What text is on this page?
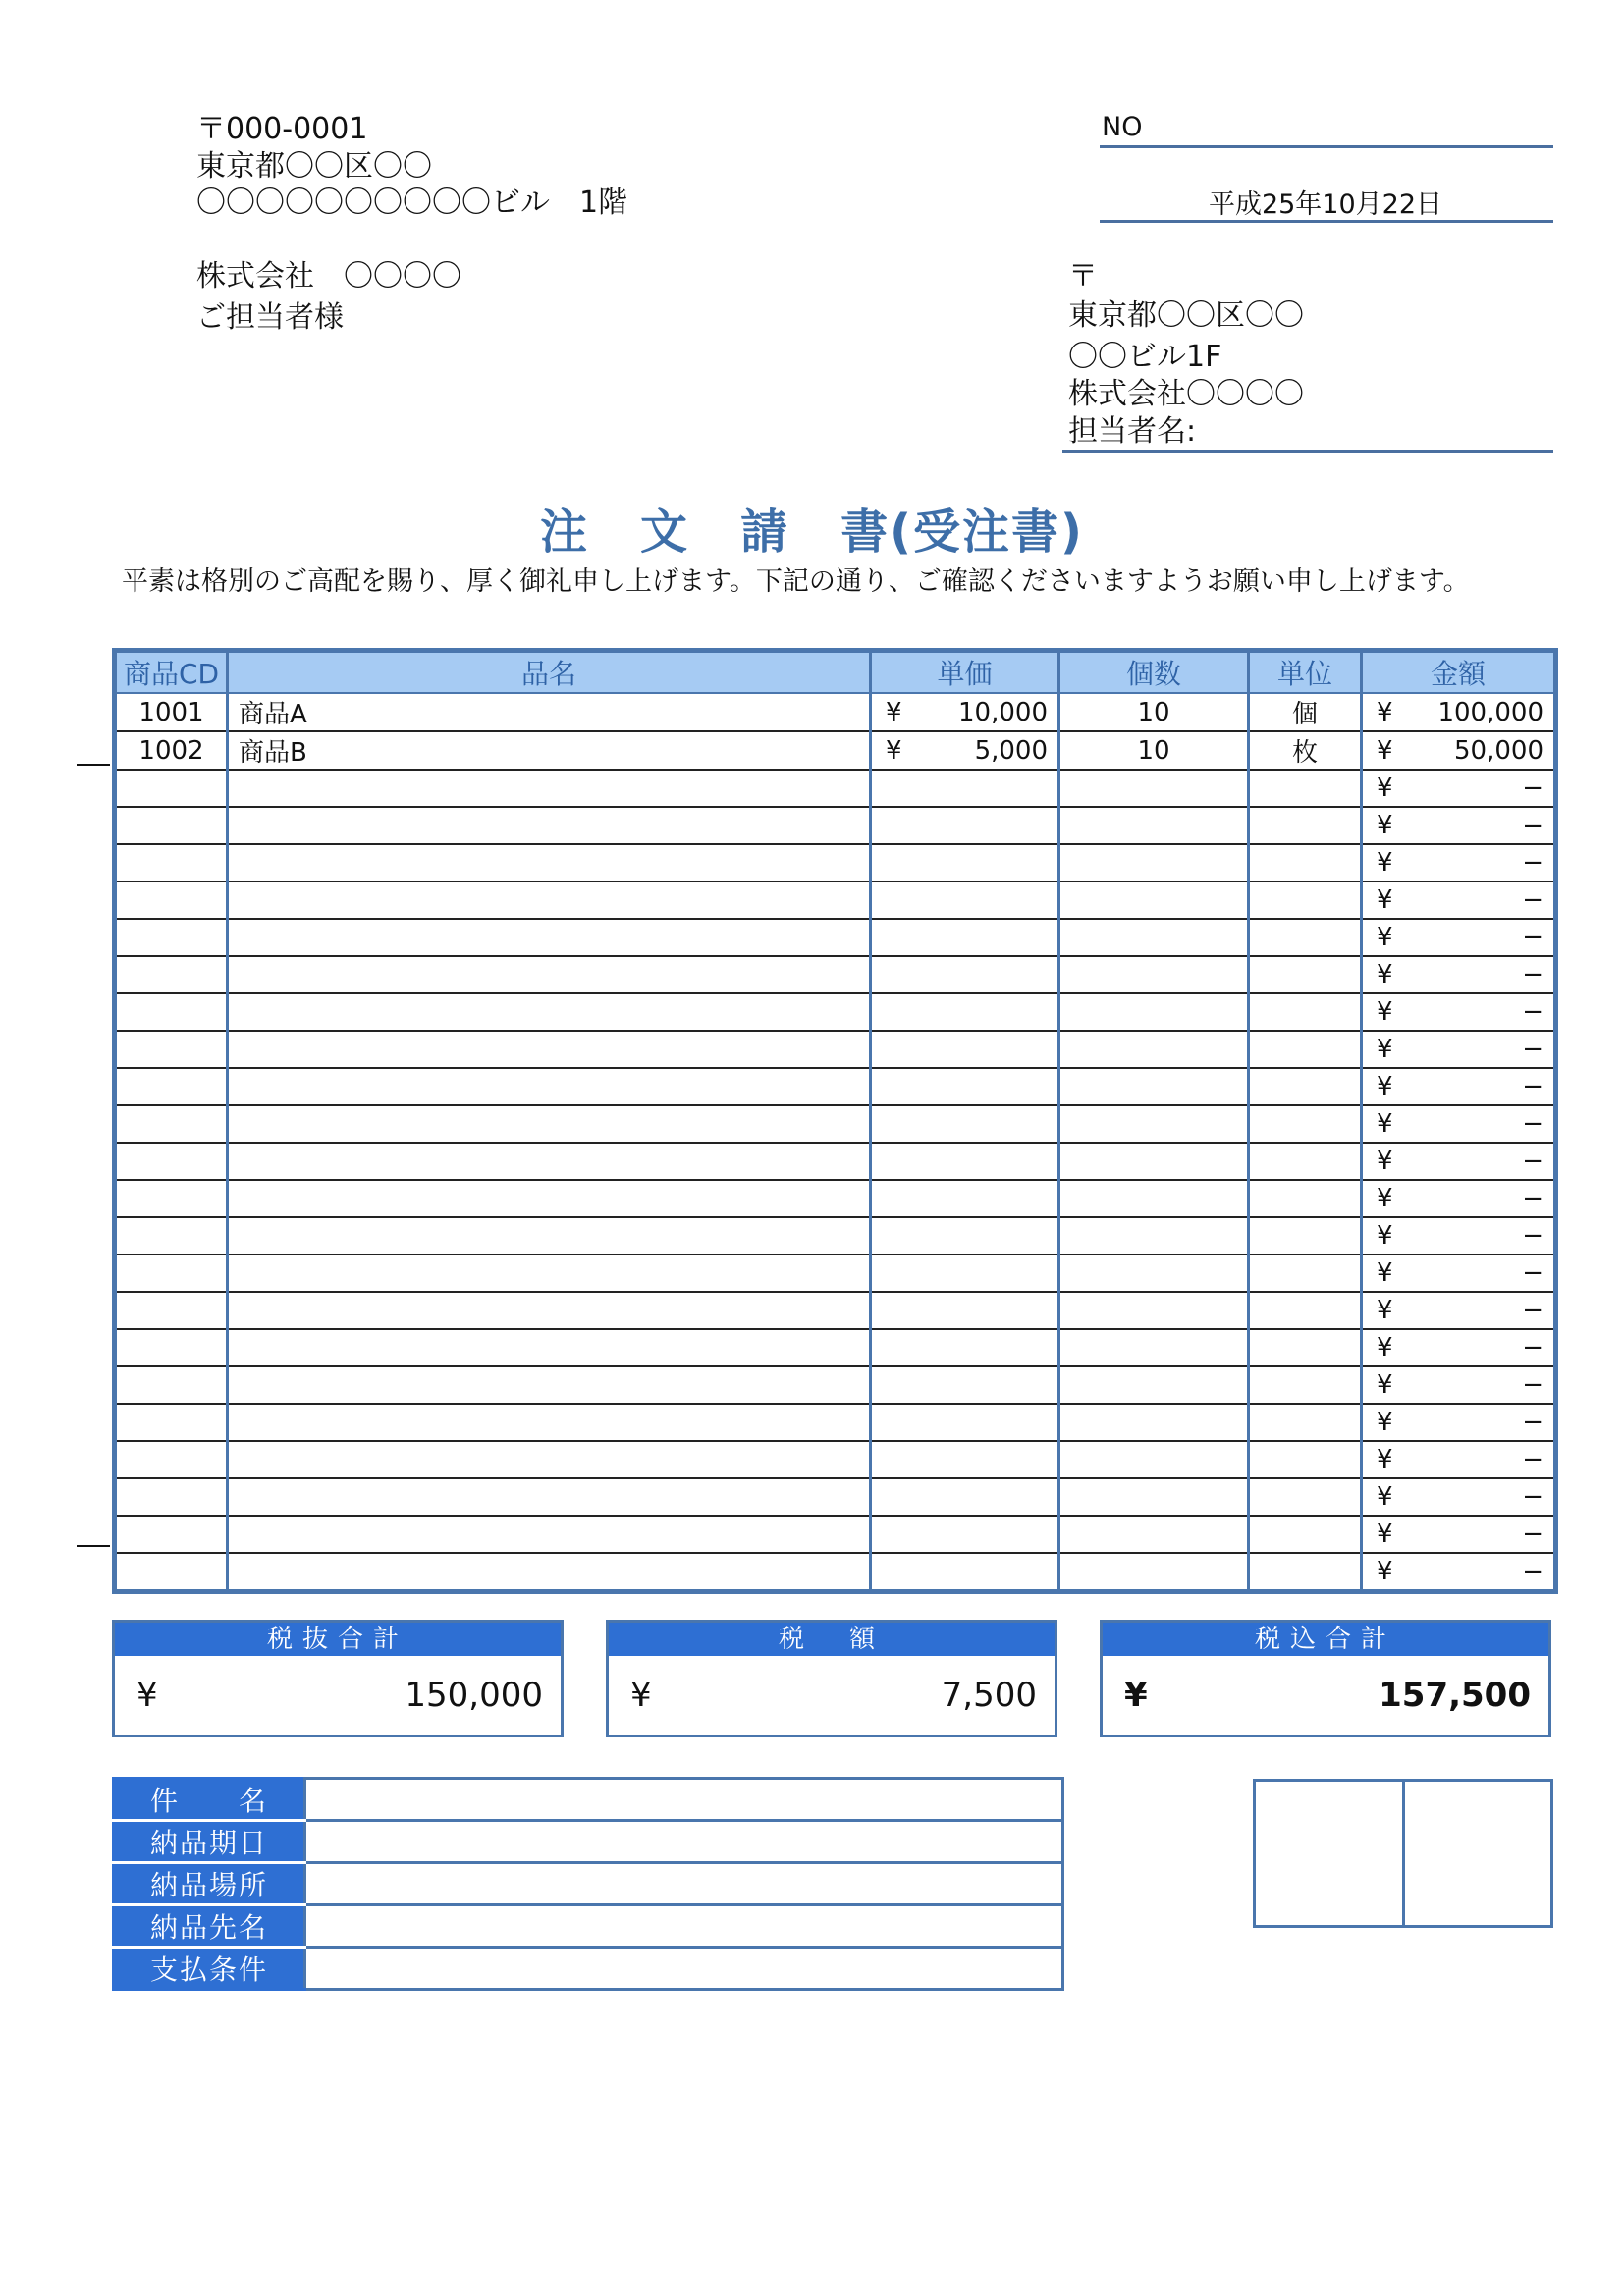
〒000-0001
東京都〇〇区〇〇
〇〇〇〇〇〇〇〇〇〇ビル　1階
株式会社　〇〇〇〇
ご担当者様
NO
平成25年10月22日
〒
東京都〇〇区〇〇
〇〇ビル1F
株式会社〇〇〇〇
担当者名:
注 文 請 書(受注書)
平素は格別のご高配を賜り、厚く御礼申し上げます。下記の通り、ご確認くださいますようお願い申し上げます。
商品CD	品名	単価	個数	単位	金額
1001	商品A	¥ 10,000	10	個	¥ 100,000

1002	商品B	¥ 5,000	10	枚	¥ 50,000

					¥ −

					¥ −

					¥ −

					¥ −

					¥ −

					¥ −

					¥ −

					¥ −

					¥ −

					¥ −

					¥ −

					¥ −

					¥ −

					¥ −

					¥ −

					¥ −

					¥ −

					¥ −

					¥ −

					¥ −

					¥ −

					¥ −
税抜合計
¥	150,000
税　額
¥	7,500
税込合計
¥	157,500
件　　名	
納品期日	
納品場所	
納品先名	
支払条件	
